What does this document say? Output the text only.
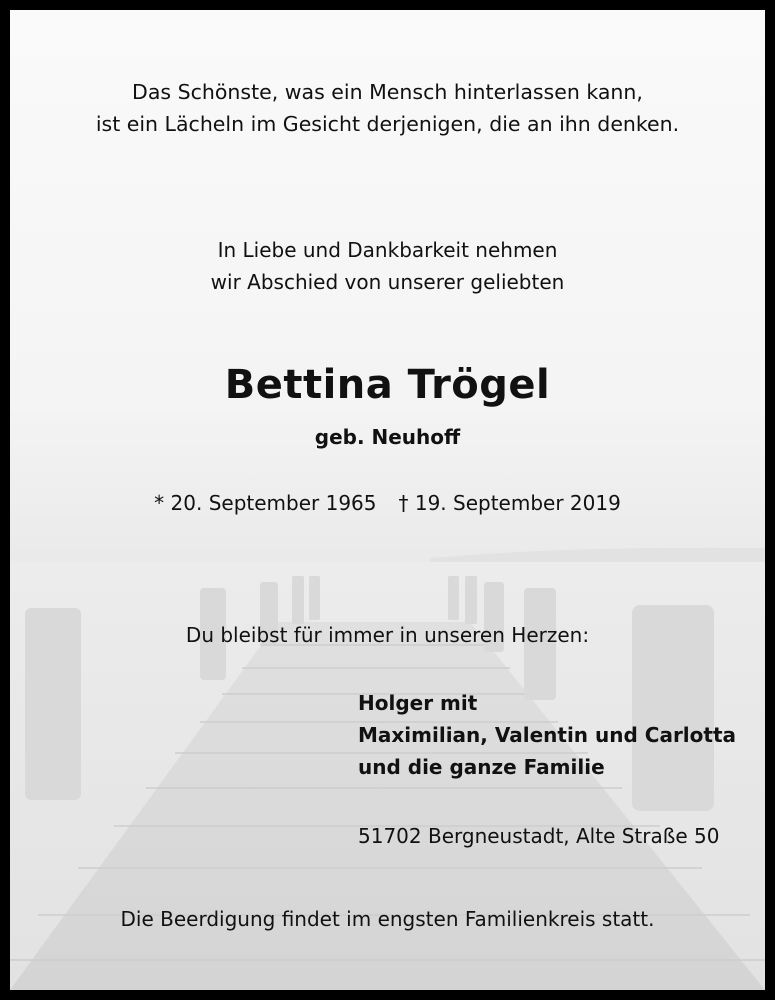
Das Schönste, was ein Mensch hinterlassen kann,
ist ein Lächeln im Gesicht derjenigen, die an ihn denken.
In Liebe und Dankbarkeit nehmen
wir Abschied von unserer geliebten
Bettina Trögel
geb. Neuhoff
* 20. September 1965 † 19. September 2019
Du bleibst für immer in unseren Herzen:
Holger mit
Maximilian, Valentin und Carlotta
und die ganze Familie
51702 Bergneustadt, Alte Straße 50
Die Beerdigung findet im engsten Familienkreis statt.
